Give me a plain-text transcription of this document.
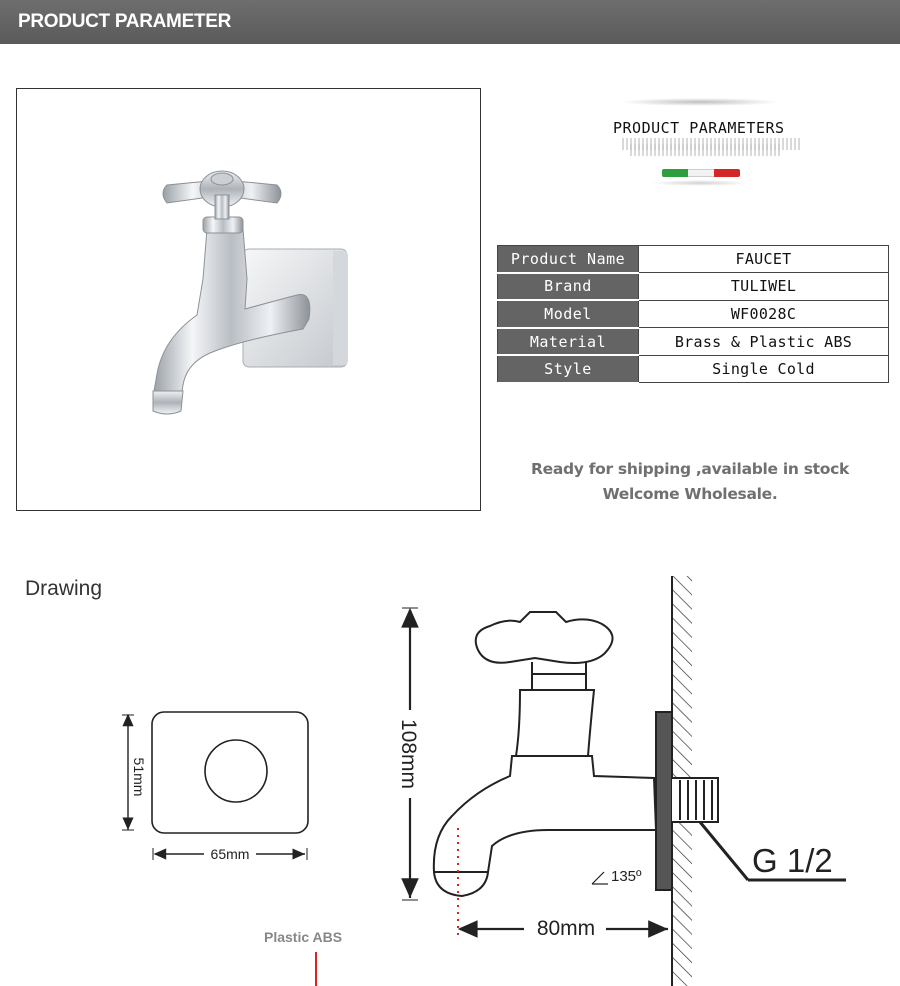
PRODUCT PARAMETER
PRODUCT PARAMETERS
Product Name	FAUCET
Brand	TULIWEL
Model	WF0028C
Material	Brass & Plastic ABS
Style	Single Cold
Ready for shipping ,available in stock
Welcome Wholesale.
Drawing
51mm
65mm
108mm
135º	G 1/2
80mm
Plastic ABS
